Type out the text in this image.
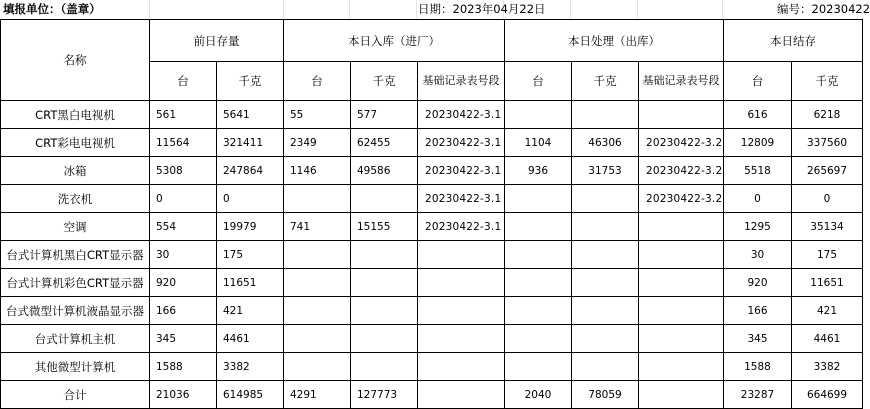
填报单位：（盖章）	日期：2023年04月22日	编号：20230422
名称	前日存量		本日入库（进厂）			本日处理（出库）			本日结存	
	台	千克	台	千克	基础记录表号段	台	千克	基础记录表号段	台	千克
CRT黑白电视机	561	5641	55	577	20230422-3.1				616	6218
CRT彩电电视机	11564	321411	2349	62455	20230422-3.1	1104	46306	20230422-3.2	12809	337560
冰箱	5308	247864	1146	49586	20230422-3.1	936	31753	20230422-3.2	5518	265697
洗衣机	0	0			20230422-3.1			20230422-3.2	0	0
空调	554	19979	741	15155	20230422-3.1				1295	35134
台式计算机黑白CRT显示器	30	175							30	175
台式计算机彩色CRT显示器	920	11651							920	11651
台式微型计算机液晶显示器	166	421							166	421
台式计算机主机	345	4461							345	4461
其他微型计算机	1588	3382							1588	3382
合计	21036	614985	4291	127773		2040	78059		23287	664699
